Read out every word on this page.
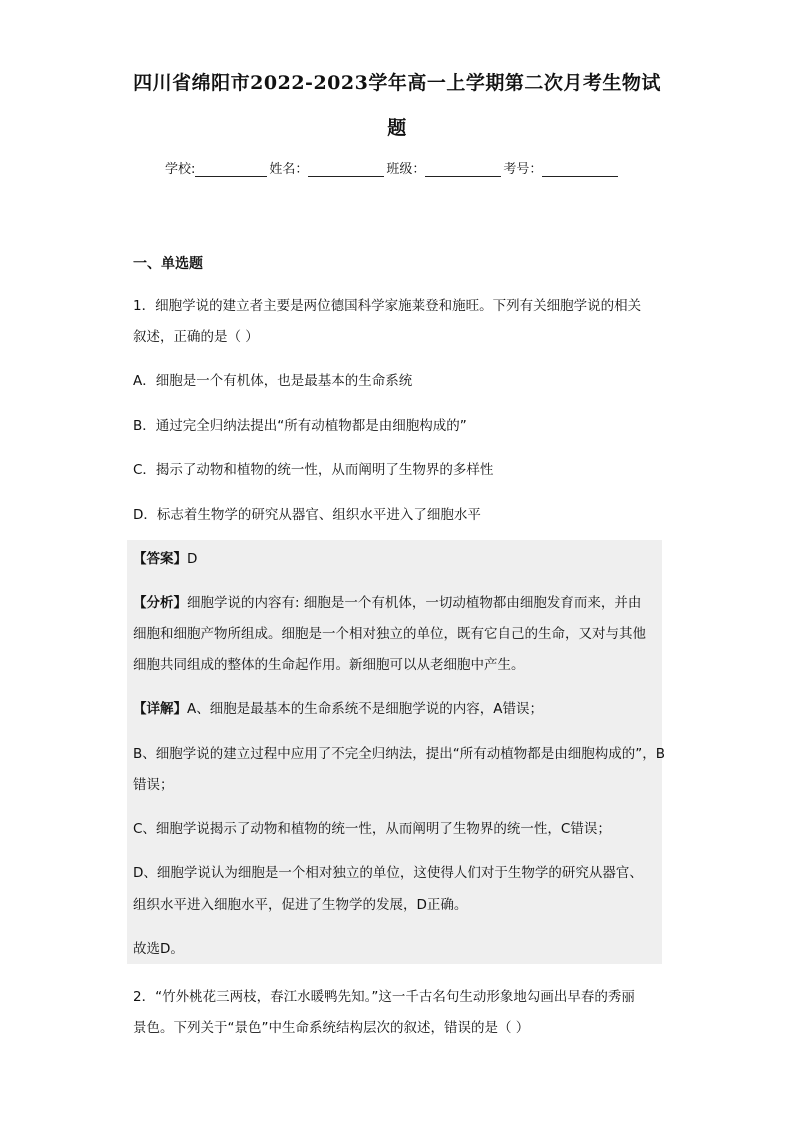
四川省绵阳市2022-2023学年高一上学期第二次月考生物试
题
学校:	姓名：	班级：	考号：
一、单选题
1．细胞学说的建立者主要是两位德国科学家施莱登和施旺。下列有关细胞学说的相关
叙述，正确的是（ ）
A．细胞是一个有机体，也是最基本的生命系统
B．通过完全归纳法提出“所有动植物都是由细胞构成的”
C．揭示了动物和植物的统一性，从而阐明了生物界的多样性
D．标志着生物学的研究从器官、组织水平进入了细胞水平
【答案】D
【分析】细胞学说的内容有: 细胞是一个有机体，一切动植物都由细胞发育而来，并由
细胞和细胞产物所组成。细胞是一个相对独立的单位，既有它自己的生命，又对与其他
细胞共同组成的整体的生命起作用。新细胞可以从老细胞中产生。
【详解】A、细胞是最基本的生命系统不是细胞学说的内容，A错误；
B、细胞学说的建立过程中应用了不完全归纳法，提出“所有动植物都是由细胞构成的”，B
错误；
C、细胞学说揭示了动物和植物的统一性，从而阐明了生物界的统一性，C错误；
D、细胞学说认为细胞是一个相对独立的单位，这使得人们对于生物学的研究从器官、
组织水平进入细胞水平，促进了生物学的发展，D正确。
故选D。
2．“竹外桃花三两枝，春江水暖鸭先知。”这一千古名句生动形象地勾画出早春的秀丽
景色。下列关于“景色”中生命系统结构层次的叙述，错误的是（ ）
